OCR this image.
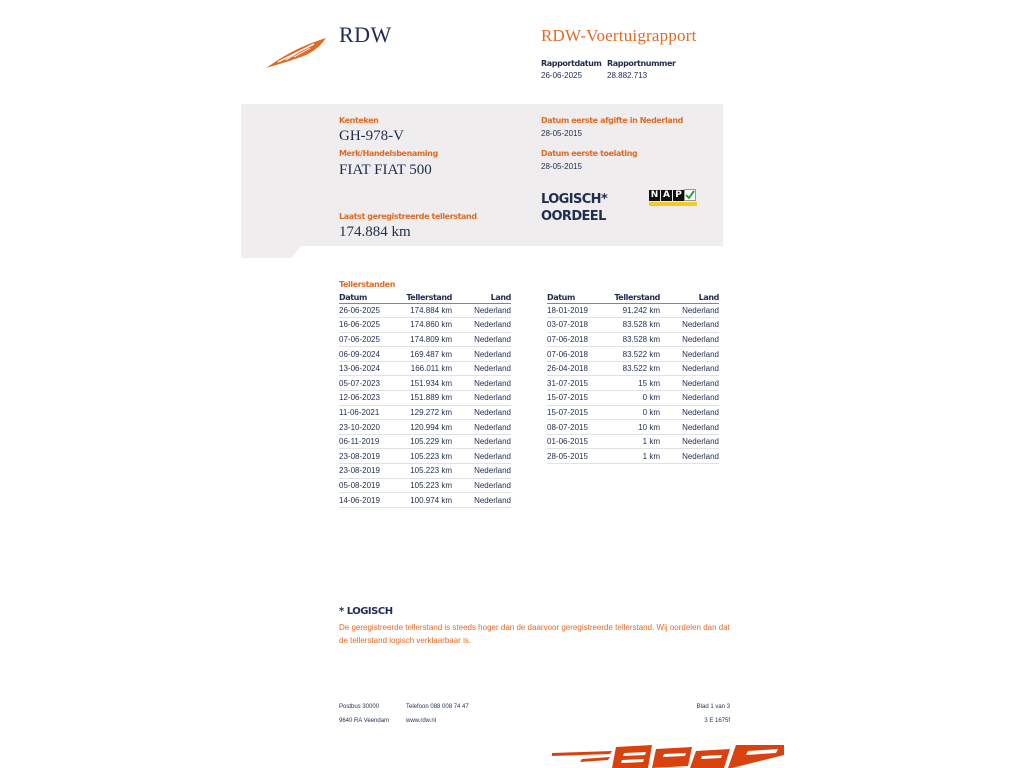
RDW	RDW-Voertuigrapport
Rapportdatum
26-06-2025
Rapportnummer
28.882.713
Kenteken
GH-978-V
Merk/Handelsbenaming
FIAT FIAT 500
Laatst geregistreerde tellerstand
174.884 km
Datum eerste afgifte in Nederland
28-05-2015
Datum eerste toelating
28-05-2015
LOGISCH*
OORDEEL
N A P
Tellerstanden
Datum	Tellerstand	Land
26-06-2025	174.884 km	Nederland
16-06-2025	174.860 km	Nederland
07-06-2025	174.809 km	Nederland
06-09-2024	169.487 km	Nederland
13-06-2024	166.011 km	Nederland
05-07-2023	151.934 km	Nederland
12-06-2023	151.889 km	Nederland
11-06-2021	129.272 km	Nederland
23-10-2020	120.994 km	Nederland
06-11-2019	105.229 km	Nederland
23-08-2019	105.223 km	Nederland
23-08-2019	105.223 km	Nederland
05-08-2019	105.223 km	Nederland
14-06-2019	100.974 km	Nederland
Datum	Tellerstand	Land
18-01-2019	91.242 km	Nederland
03-07-2018	83.528 km	Nederland
07-06-2018	83.528 km	Nederland
07-06-2018	83.522 km	Nederland
26-04-2018	83.522 km	Nederland
31-07-2015	15 km	Nederland
15-07-2015	0 km	Nederland
15-07-2015	0 km	Nederland
08-07-2015	10 km	Nederland
01-06-2015	1 km	Nederland
28-05-2015	1 km	Nederland
* LOGISCH
De geregistreerde tellerstand is steeds hoger dan de daarvoor geregistreerde tellerstand. Wij oordelen dan dat de tellerstand logisch verklaarbaar is.
Postbus 30000
9640 RA Veendam
Telefoon 088 008 74 47
www.rdw.nl
Blad 1 van 3
3 E 1675f
